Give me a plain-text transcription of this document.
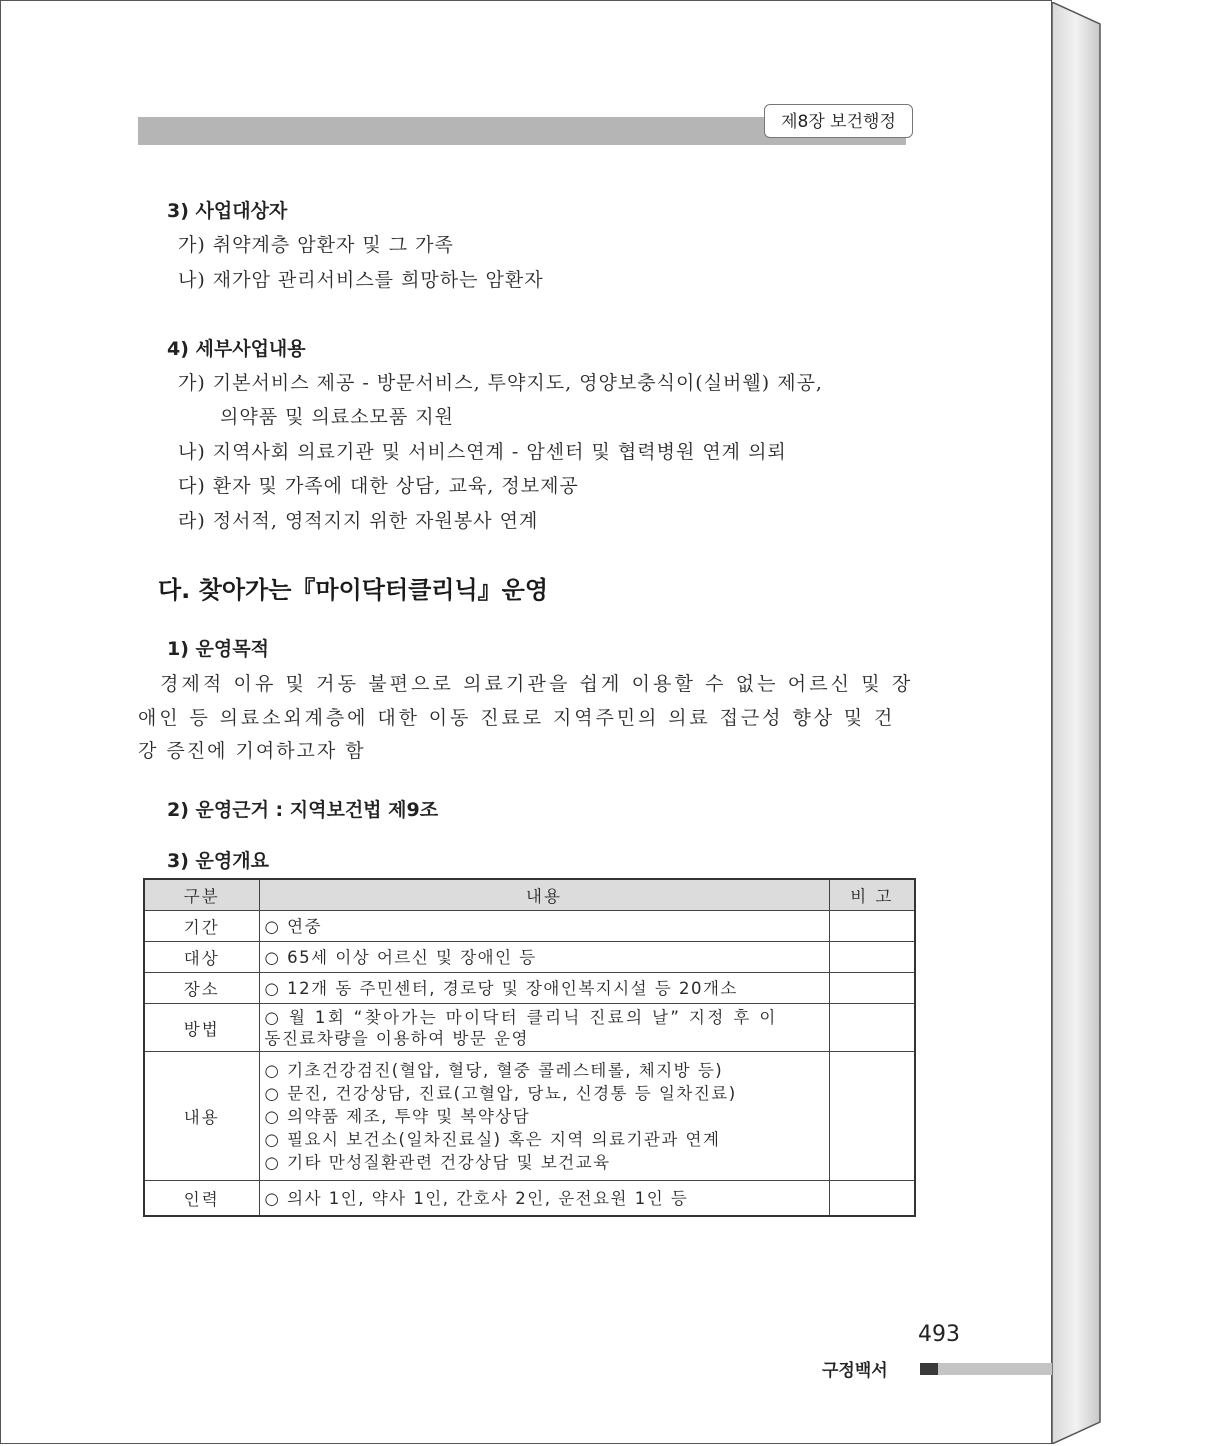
제8장 보건행정
3) 사업대상자
가) 취약계층 암환자 및 그 가족
나) 재가암 관리서비스를 희망하는 암환자
4) 세부사업내용
가) 기본서비스 제공 - 방문서비스, 투약지도, 영양보충식이(실버웰) 제공,
의약품 및 의료소모품 지원
나) 지역사회 의료기관 및 서비스연계 - 암센터 및 협력병원 연계 의뢰
다) 환자 및 가족에 대한 상담, 교육, 정보제공
라) 정서적, 영적지지 위한 자원봉사 연계
다. 찾아가는『마이닥터클리닉』운영
1) 운영목적
경제적 이유 및 거동 불편으로 의료기관을 쉽게 이용할 수 없는 어르신 및 장
애인 등 의료소외계층에 대한 이동 진료로 지역주민의 의료 접근성 향상 및 건
강 증진에 기여하고자 함
2) 운영근거 : 지역보건법 제9조
3) 운영개요
구분	내용	비 고
기간	○ 연중	

대상	○ 65세 이상 어르신 및 장애인 등	

장소	○ 12개 동 주민센터, 경로당 및 장애인복지시설 등 20개소	

방법	○ 월 1회 “찾아가는 마이닥터 클리닉 진료의 날” 지정 후 이
동진료차량을 이용하여 방문 운영	

내용	○ 기초건강검진(혈압, 혈당, 혈중 콜레스테롤, 체지방 등)
○ 문진, 건강상담, 진료(고혈압, 당뇨, 신경통 등 일차진료)
○ 의약품 제조, 투약 및 복약상담
○ 필요시 보건소(일차진료실) 혹은 지역 의료기관과 연계
○ 기타 만성질환관련 건강상담 및 보건교육	

인력	○ 의사 1인, 약사 1인, 간호사 2인, 운전요원 1인 등	

493
구정백서
